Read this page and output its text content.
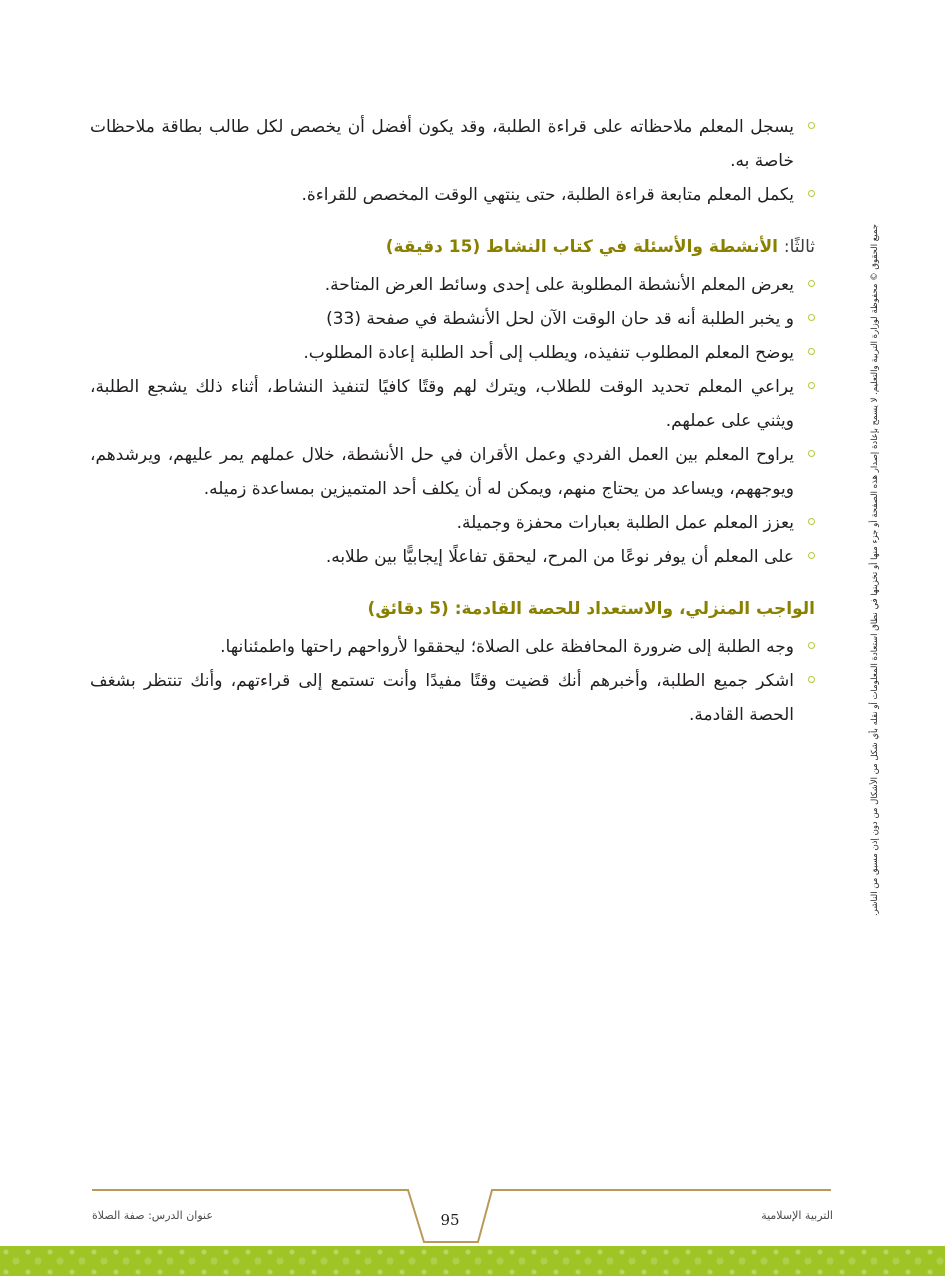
يسجل المعلم ملاحظاته على قراءة الطلبة، وقد يكون أفضل أن يخصص لكل طالب بطاقة ملاحظات خاصة به.
يكمل المعلم متابعة قراءة الطلبة، حتى ينتهي الوقت المخصص للقراءة.
ثالثًا: الأنشطة والأسئلة في كتاب النشاط (15 دقيقة)
يعرض المعلم الأنشطة المطلوبة على إحدى وسائط العرض المتاحة.
و يخبر الطلبة أنه قد حان الوقت الآن لحل الأنشطة في صفحة (33)
يوضح المعلم المطلوب تنفيذه، ويطلب إلى أحد الطلبة إعادة المطلوب.
يراعي المعلم تحديد الوقت للطلاب، ويترك لهم وقتًا كافيًا لتنفيذ النشاط، أثناء ذلك يشجع الطلبة، ويثني على عملهم.
يراوح المعلم بين العمل الفردي وعمل الأقران في حل الأنشطة، خلال عملهم يمر عليهم، ويرشدهم، ويوجههم، ويساعد من يحتاج منهم، ويمكن له أن يكلف أحد المتميزين بمساعدة زميله.
يعزز المعلم عمل الطلبة بعبارات محفزة وجميلة.
على المعلم أن يوفر نوعًا من المرح، ليحقق تفاعلًا إيجابيًّا بين طلابه.
الواجب المنزلي، والاستعداد للحصة القادمة: (5 دقائق)
وجه الطلبة إلى ضرورة المحافظة على الصلاة؛ ليحققوا لأرواحهم راحتها واطمئنانها.
اشكر جميع الطلبة، وأخبرهم أنك قضيت وقتًا مفيدًا وأنت تستمع إلى قراءتهم، وأنك تنتظر بشغف الحصة القادمة.	جميع الحقوق © محفوظة لوزارة التربية والتعليم. لا يسمح بإعادة إصدار هذه الصفحة أو جزء منها أو تخزينها في نطاق استعادة المعلومات أو نقله بأي شكل من الأشكال من دون إذن مسبق من الناشر.
عنوان الدرس: صفة الصلاة	التربية الإسلامية
95
